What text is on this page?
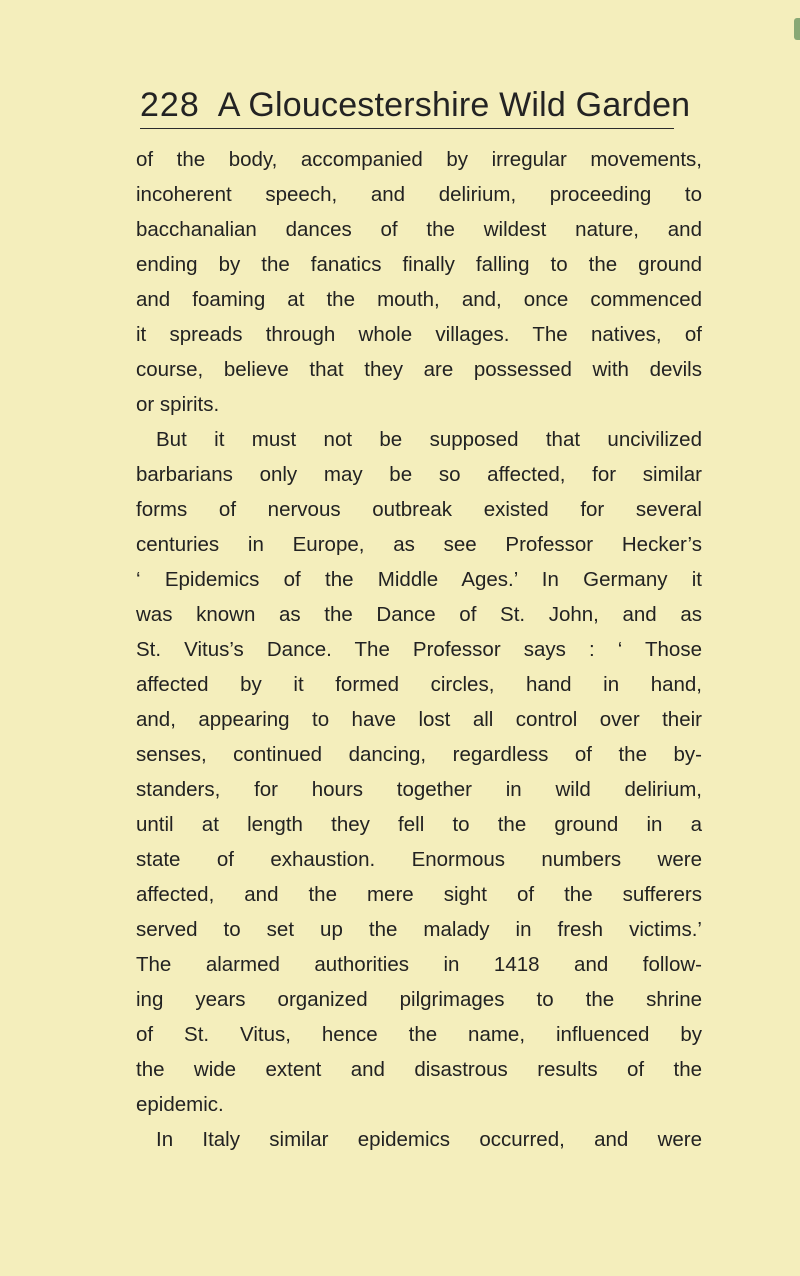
228 A Gloucestershire Wild Garden
of the body, accompanied by irregular movements,
incoherent speech, and delirium, proceeding to
bacchanalian dances of the wildest nature, and
ending by the fanatics finally falling to the ground
and foaming at the mouth, and, once commenced
it spreads through whole villages. The natives, of
course, believe that they are possessed with devils
or spirits.
But it must not be supposed that uncivilized
barbarians only may be so affected, for similar
forms of nervous outbreak existed for several
centuries in Europe, as see Professor Hecker’s
‘ Epidemics of the Middle Ages.’ In Germany it
was known as the Dance of St. John, and as
St. Vitus’s Dance. The Professor says : ‘ Those
affected by it formed circles, hand in hand,
and, appearing to have lost all control over their
senses, continued dancing, regardless of the by-
standers, for hours together in wild delirium,
until at length they fell to the ground in a
state of exhaustion. Enormous numbers were
affected, and the mere sight of the sufferers
served to set up the malady in fresh victims.’
The alarmed authorities in 1418 and follow-
ing years organized pilgrimages to the shrine
of St. Vitus, hence the name, influenced by
the wide extent and disastrous results of the
epidemic.
In Italy similar epidemics occurred, and were
